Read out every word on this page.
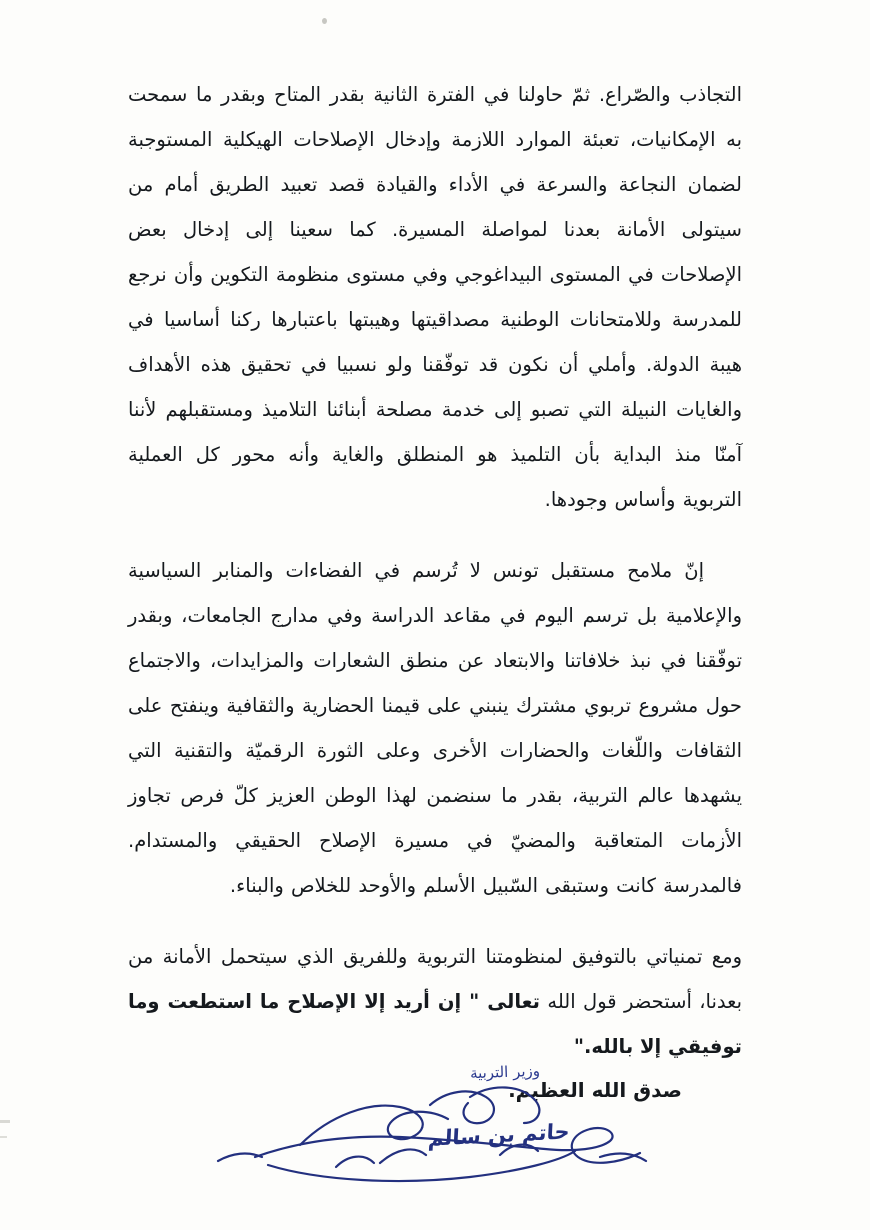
التجاذب والصّراع. ثمّ حاولنا في الفترة الثانية بقدر المتاح وبقدر ما سمحت به الإمكانيات، تعبئة الموارد اللازمة وإدخال الإصلاحات الهيكلية المستوجبة لضمان النجاعة والسرعة في الأداء والقيادة قصد تعبيد الطريق أمام من سيتولى الأمانة بعدنا لمواصلة المسيرة. كما سعينا إلى إدخال بعض الإصلاحات في المستوى البيداغوجي وفي مستوى منظومة التكوين وأن نرجع للمدرسة وللامتحانات الوطنية مصداقيتها وهيبتها باعتبارها ركنا أساسيا في هيبة الدولة. وأملي أن نكون قد توفّقنا ولو نسبيا في تحقيق هذه الأهداف والغايات النبيلة التي تصبو إلى خدمة مصلحة أبنائنا التلاميذ ومستقبلهم لأننا آمنّا منذ البداية بأن التلميذ هو المنطلق والغاية وأنه محور كل العملية التربوية وأساس وجودها.

إنّ ملامح مستقبل تونس لا تُرسم في الفضاءات والمنابر السياسية والإعلامية بل ترسم اليوم في مقاعد الدراسة وفي مدارج الجامعات، وبقدر توفّقنا في نبذ خلافاتنا والابتعاد عن منطق الشعارات والمزايدات، والاجتماع حول مشروع تربوي مشترك ينبني على قيمنا الحضارية والثقافية وينفتح على الثقافات واللّغات والحضارات الأخرى وعلى الثورة الرقميّة والتقنية التي يشهدها عالم التربية، بقدر ما سنضمن لهذا الوطن العزيز كلّ فرص تجاوز الأزمات المتعاقبة والمضيّ في مسيرة الإصلاح الحقيقي والمستدام. فالمدرسة كانت وستبقى السّبيل الأسلم والأوحد للخلاص والبناء.

ومع تمنياتي بالتوفيق لمنظومتنا التربوية وللفريق الذي سيتحمل الأمانة من بعدنا، أستحضر قول الله تعالى " إن أريد إلا الإصلاح ما استطعت وما توفيقي إلا بالله."

صدق الله العظيم.

وزير التربية
حاتم بن سالم
